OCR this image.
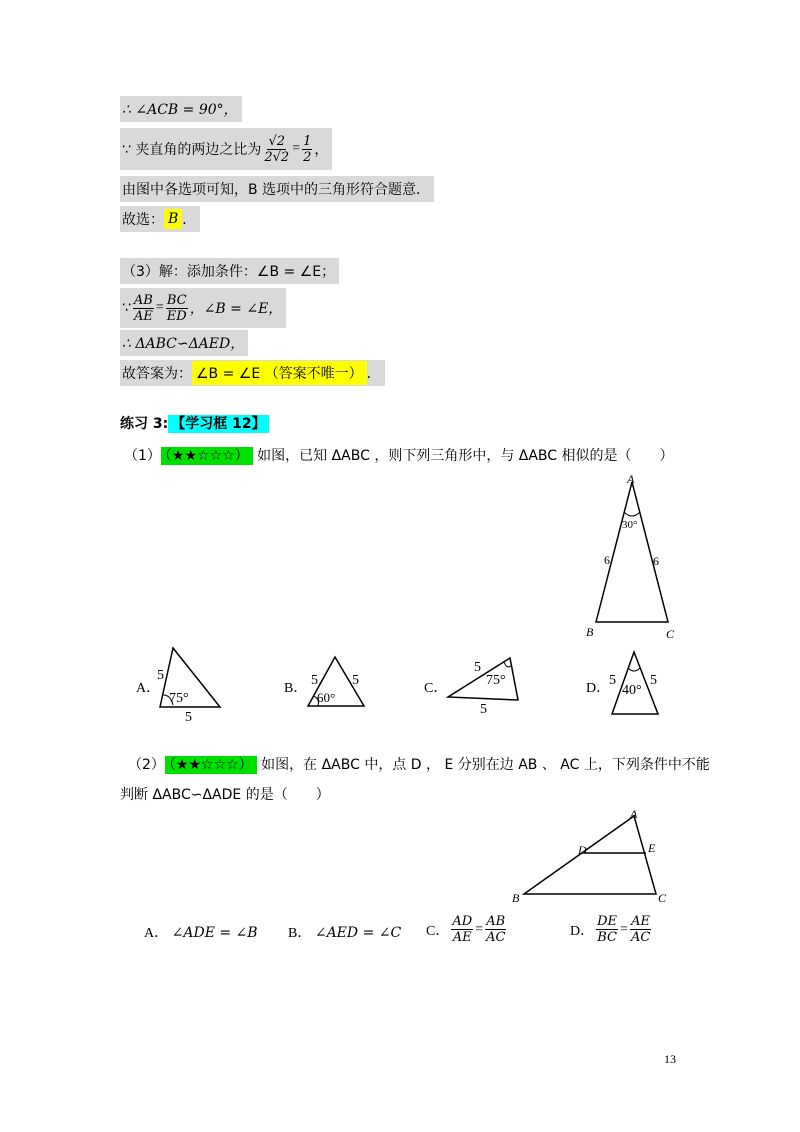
∴ ∠ACB = 90°，
∵ 夹直角的两边之比为 $\frac{√2}{2√2} = \frac{1}{2}$ ，
由图中各选项可知，B 选项中的三角形符合题意．
故选： B ．
（3）解：添加条件：∠B = ∠E；
∵ $\frac{AB}{AE} = \frac{BC}{ED}$ ，∠B = ∠E，
∴ ΔABC∽ΔAED，
故答案为： ∠B = ∠E （答案不唯一） ．
练习 3: 【学习框 12】
（1） （★★☆☆☆） 如图，已知 ΔABC ，则下列三角形中，与 ΔABC 相似的是（　　）
A
B	C
30°
6	6
A．
5
5
75°
B．
5 5
60°
C．
5
5
75°
D．
5 5
40°
（2） （★★☆☆☆） 如图，在 ΔABC 中，点 D ， E 分别在边 AB 、 AC 上，下列条件中不能
判断 ΔABC∽ΔADE 的是（　　）
A
B	C
D	E
A． ∠ADE = ∠B B． ∠AED = ∠C C． $\frac{AD}{AE} = \frac{AB}{AC}$	D． $\frac{DE}{BC} = \frac{AE}{AC}$
13
